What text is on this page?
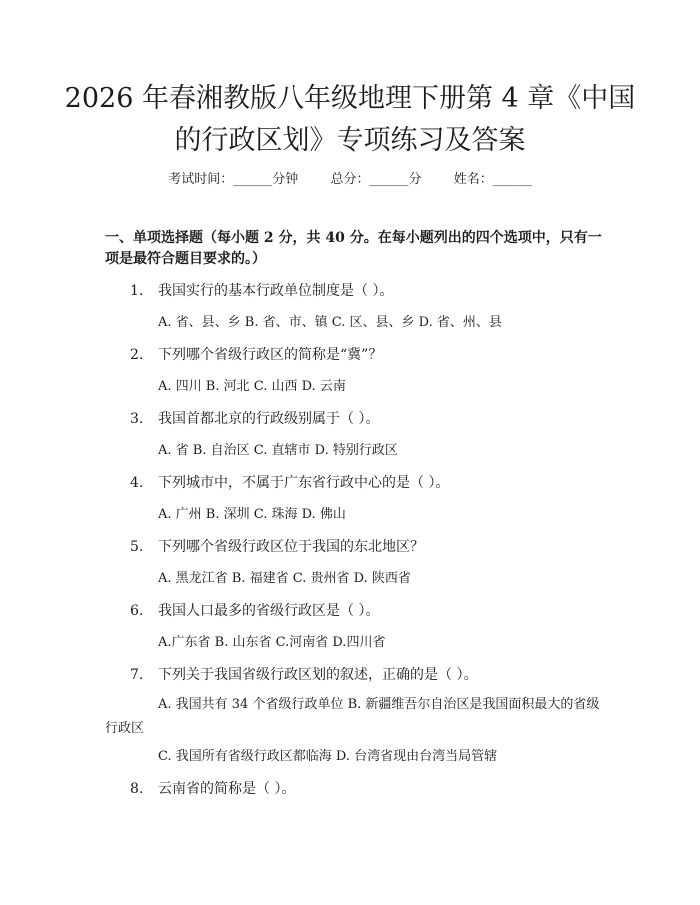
2026 年春湘教版八年级地理下册第 4 章《中国的行政区划》专项练习及答案
考试时间：______分钟 总分：______分 姓名：______

一、单项选择题（每小题 2 分，共 40 分。在每小题列出的四个选项中，只有一项是最符合题目要求的。）

1. 我国实行的基本行政单位制度是（ ）。
A. 省、县、乡 B. 省、市、镇 C. 区、县、乡 D. 省、州、县
2. 下列哪个省级行政区的简称是“冀”？
A. 四川 B. 河北 C. 山西 D. 云南
3. 我国首都北京的行政级别属于（ ）。
A. 省 B. 自治区 C. 直辖市 D. 特别行政区
4. 下列城市中，不属于广东省行政中心的是（ ）。
A. 广州 B. 深圳 C. 珠海 D. 佛山
5. 下列哪个省级行政区位于我国的东北地区？
A. 黑龙江省 B. 福建省 C. 贵州省 D. 陕西省
6. 我国人口最多的省级行政区是（ ）。
A.广东省 B. 山东省 C.河南省 D.四川省
7. 下列关于我国省级行政区划的叙述，正确的是（ ）。
A. 我国共有 34 个省级行政单位 B. 新疆维吾尔自治区是我国面积最大的省级行政区
C. 我国所有省级行政区都临海 D. 台湾省现由台湾当局管辖
8. 云南省的简称是（ ）。
